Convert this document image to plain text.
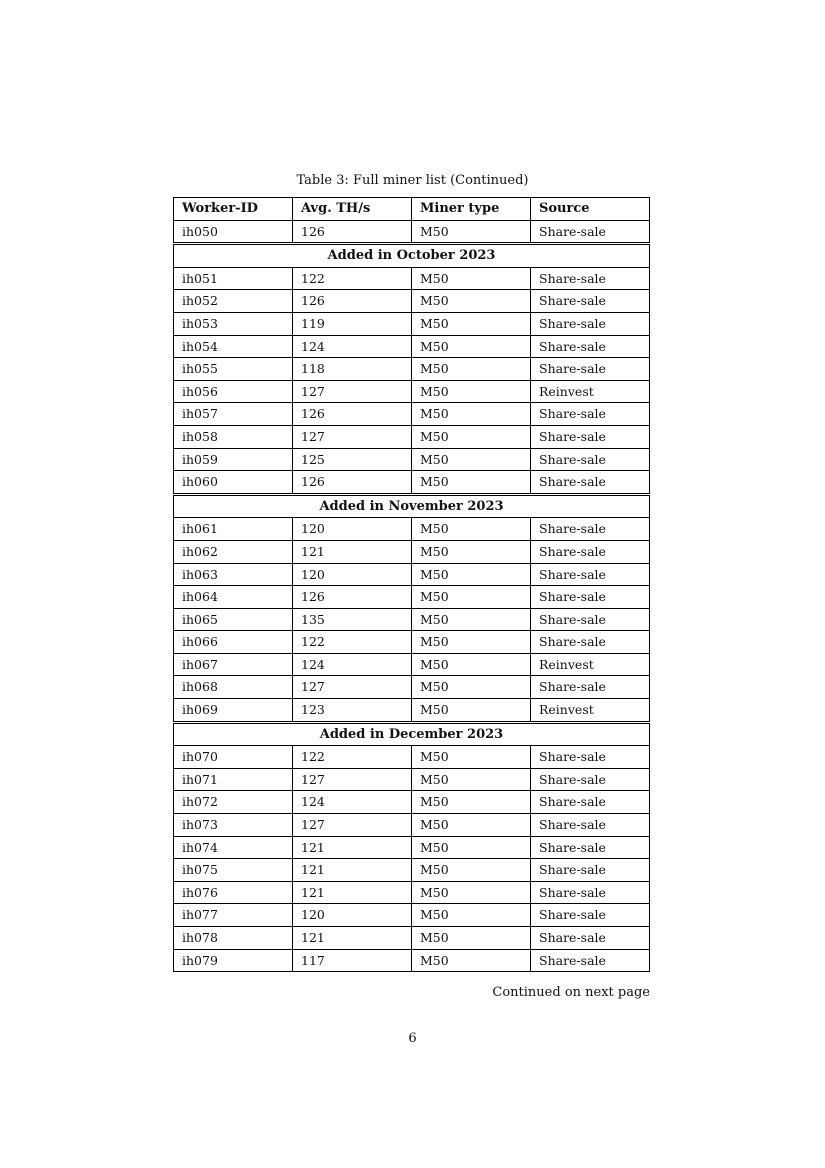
Table 3: Full miner list (Continued)
Worker-ID	Avg. TH/s	Miner type	Source
ih050	126	M50	Share-sale
Added in October 2023			
ih051	122	M50	Share-sale
ih052	126	M50	Share-sale
ih053	119	M50	Share-sale
ih054	124	M50	Share-sale
ih055	118	M50	Share-sale
ih056	127	M50	Reinvest
ih057	126	M50	Share-sale
ih058	127	M50	Share-sale
ih059	125	M50	Share-sale
ih060	126	M50	Share-sale
Added in November 2023			
ih061	120	M50	Share-sale
ih062	121	M50	Share-sale
ih063	120	M50	Share-sale
ih064	126	M50	Share-sale
ih065	135	M50	Share-sale
ih066	122	M50	Share-sale
ih067	124	M50	Reinvest
ih068	127	M50	Share-sale
ih069	123	M50	Reinvest
Added in December 2023			
ih070	122	M50	Share-sale
ih071	127	M50	Share-sale
ih072	124	M50	Share-sale
ih073	127	M50	Share-sale
ih074	121	M50	Share-sale
ih075	121	M50	Share-sale
ih076	121	M50	Share-sale
ih077	120	M50	Share-sale
ih078	121	M50	Share-sale
ih079	117	M50	Share-sale
Continued on next page
6
